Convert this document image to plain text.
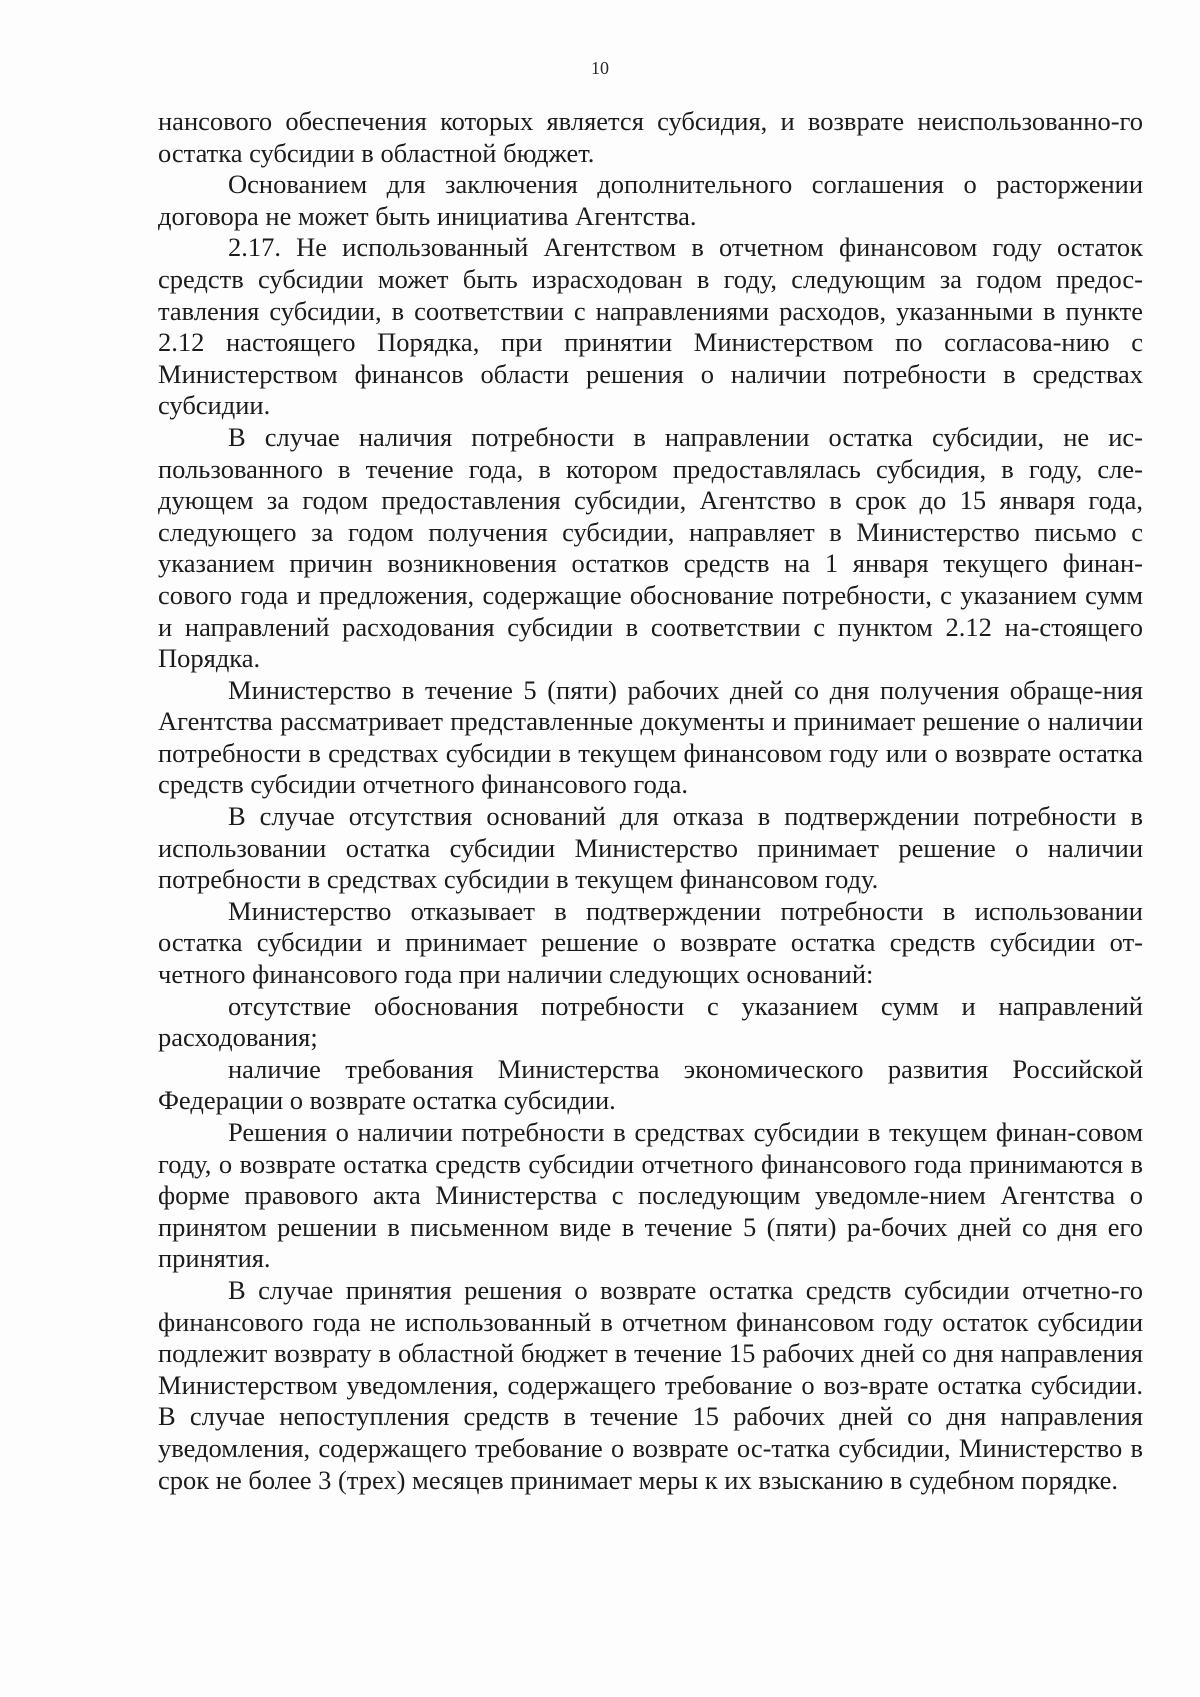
10

нансового обеспечения которых является субсидия, и возврате неиспользованно-го остатка субсидии в областной бюджет.

Основанием для заключения дополнительного соглашения о расторжении договора не может быть инициатива Агентства.

2.17. Не использованный Агентством в отчетном финансовом году остаток средств субсидии может быть израсходован в году, следующим за годом предос-тавления субсидии, в соответствии с направлениями расходов, указанными в пункте 2.12 настоящего Порядка, при принятии Министерством по согласова-нию с Министерством финансов области решения о наличии потребности в средствах субсидии.

В случае наличия потребности в направлении остатка субсидии, не ис-пользованного в течение года, в котором предоставлялась субсидия, в году, сле-дующем за годом предоставления субсидии, Агентство в срок до 15 января года, следующего за годом получения субсидии, направляет в Министерство письмо с указанием причин возникновения остатков средств на 1 января текущего финан-сового года и предложения, содержащие обоснование потребности, с указанием сумм и направлений расходования субсидии в соответствии с пунктом 2.12 на-стоящего Порядка.

Министерство в течение 5 (пяти) рабочих дней со дня получения обраще-ния Агентства рассматривает представленные документы и принимает решение о наличии потребности в средствах субсидии в текущем финансовом году или о возврате остатка средств субсидии отчетного финансового года.

В случае отсутствия оснований для отказа в подтверждении потребности в использовании остатка субсидии Министерство принимает решение о наличии потребности в средствах субсидии в текущем финансовом году.

Министерство отказывает в подтверждении потребности в использовании остатка субсидии и принимает решение о возврате остатка средств субсидии от-четного финансового года при наличии следующих оснований:

отсутствие обоснования потребности с указанием сумм и направлений расходования;

наличие требования Министерства экономического развития Российской Федерации о возврате остатка субсидии.

Решения о наличии потребности в средствах субсидии в текущем финан-совом году, о возврате остатка средств субсидии отчетного финансового года принимаются в форме правового акта Министерства с последующим уведомле-нием Агентства о принятом решении в письменном виде в течение 5 (пяти) ра-бочих дней со дня его принятия.

В случае принятия решения о возврате остатка средств субсидии отчетно-го финансового года не использованный в отчетном финансовом году остаток субсидии подлежит возврату в областной бюджет в течение 15 рабочих дней со дня направления Министерством уведомления, содержащего требование о воз-врате остатка субсидии. В случае непоступления средств в течение 15 рабочих дней со дня направления уведомления, содержащего требование о возврате ос-татка субсидии, Министерство в срок не более 3 (трех) месяцев принимает меры к их взысканию в судебном порядке.
